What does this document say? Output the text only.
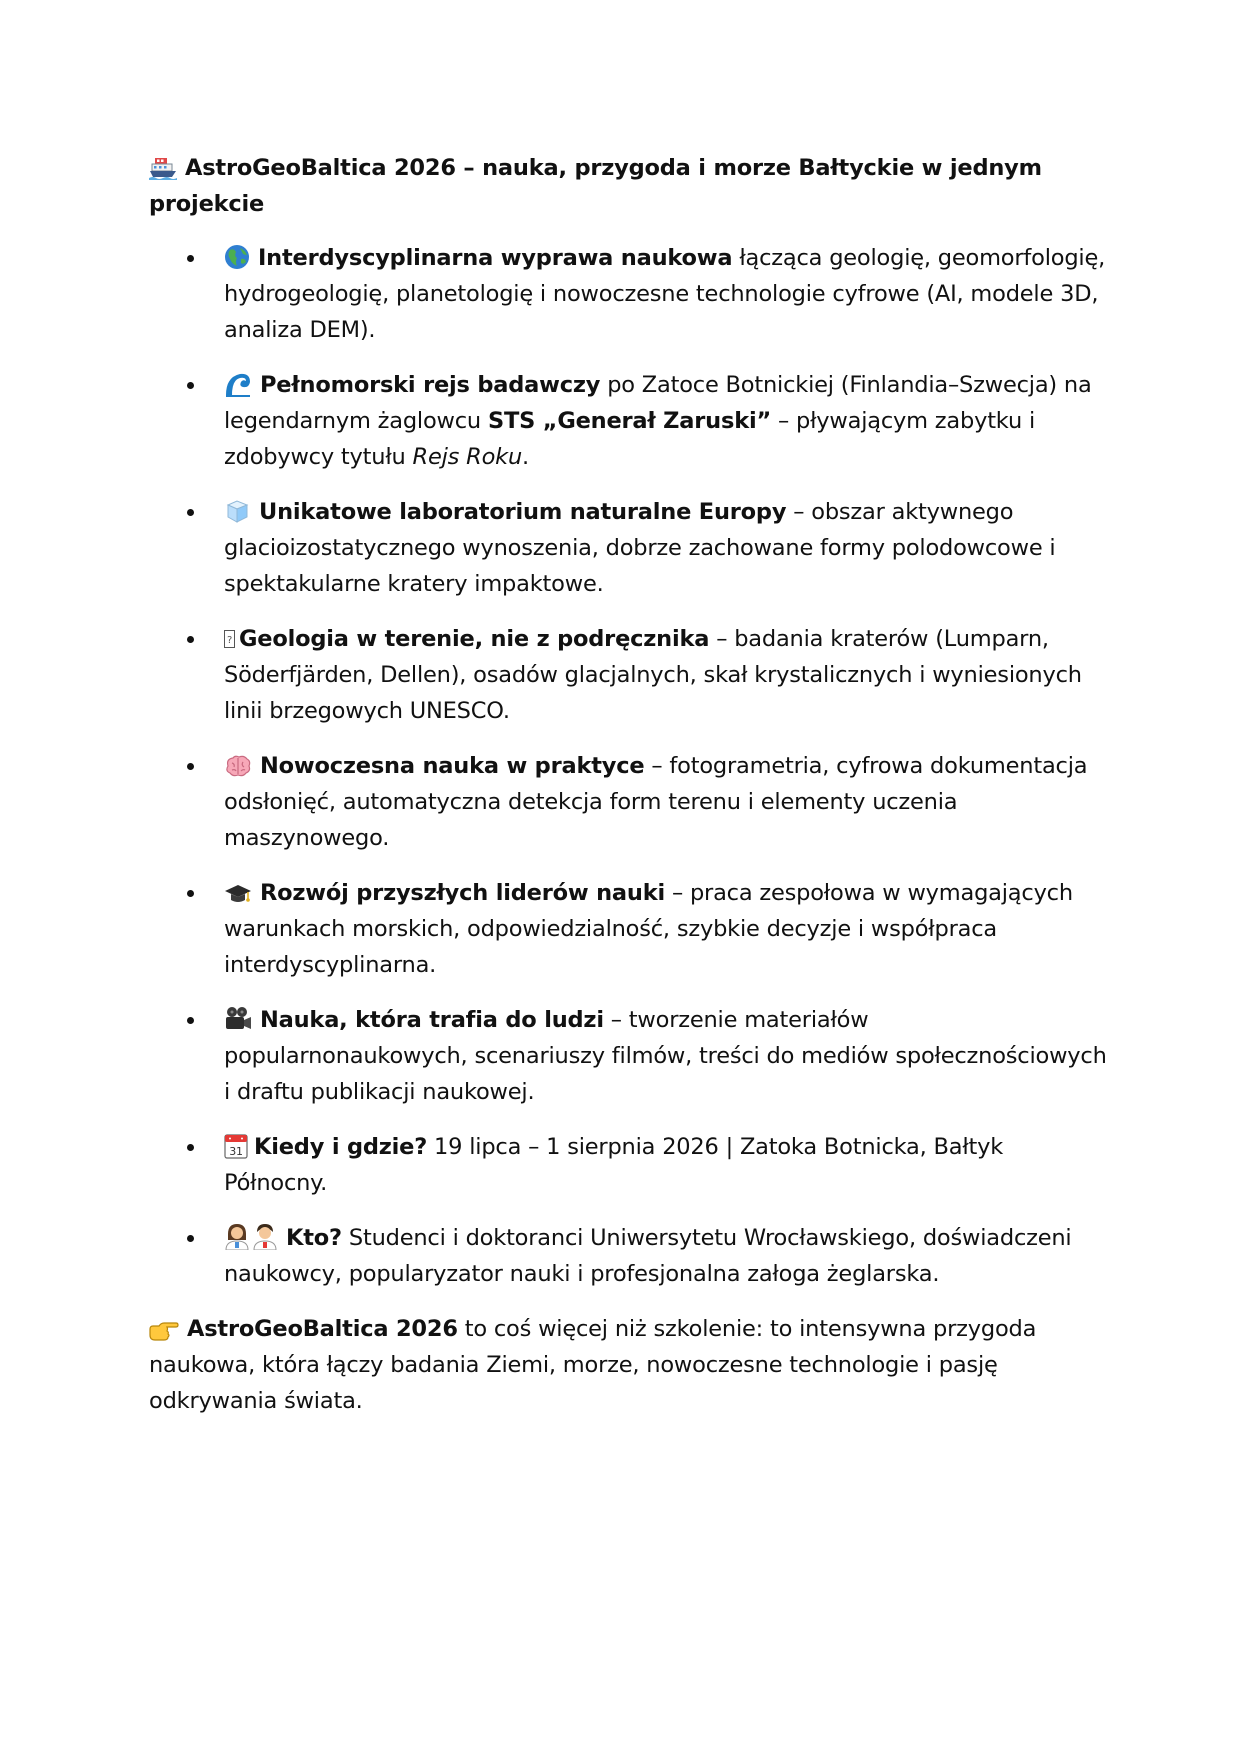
AstroGeoBaltica 2026 – nauka, przygoda i morze Bałtyckie w jednym projekcie

Interdyscyplinarna wyprawa naukowa łącząca geologię, geomorfologię, hydrogeologię, planetologię i nowoczesne technologie cyfrowe (AI, modele 3D, analiza DEM).
Pełnomorski rejs badawczy po Zatoce Botnickiej (Finlandia–Szwecja) na legendarnym żaglowcu STS „Generał Zaruski” – pływającym zabytku i zdobywcy tytułu Rejs Roku.
Unikatowe laboratorium naturalne Europy – obszar aktywnego glacioizostatycznego wynoszenia, dobrze zachowane formy polodowcowe i spektakularne kratery impaktowe.
? Geologia w terenie, nie z podręcznika – badania kraterów (Lumparn, Söderfjärden, Dellen), osadów glacjalnych, skał krystalicznych i wyniesionych linii brzegowych UNESCO.
Nowoczesna nauka w praktyce – fotogrametria, cyfrowa dokumentacja odsłonięć, automatyczna detekcja form terenu i elementy uczenia maszynowego.
Rozwój przyszłych liderów nauki – praca zespołowa w wymagających warunkach morskich, odpowiedzialność, szybkie decyzje i współpraca interdyscyplinarna.
Nauka, która trafia do ludzi – tworzenie materiałów popularnonaukowych, scenariuszy filmów, treści do mediów społecznościowych i draftu publikacji naukowej.
31 Kiedy i gdzie? 19 lipca – 1 sierpnia 2026 | Zatoka Botnicka, Bałtyk Północny.
Kto? Studenci i doktoranci Uniwersytetu Wrocławskiego, doświadczeni naukowcy, popularyzator nauki i profesjonalna załoga żeglarska.

AstroGeoBaltica 2026 to coś więcej niż szkolenie: to intensywna przygoda naukowa, która łączy badania Ziemi, morze, nowoczesne technologie i pasję odkrywania świata.
